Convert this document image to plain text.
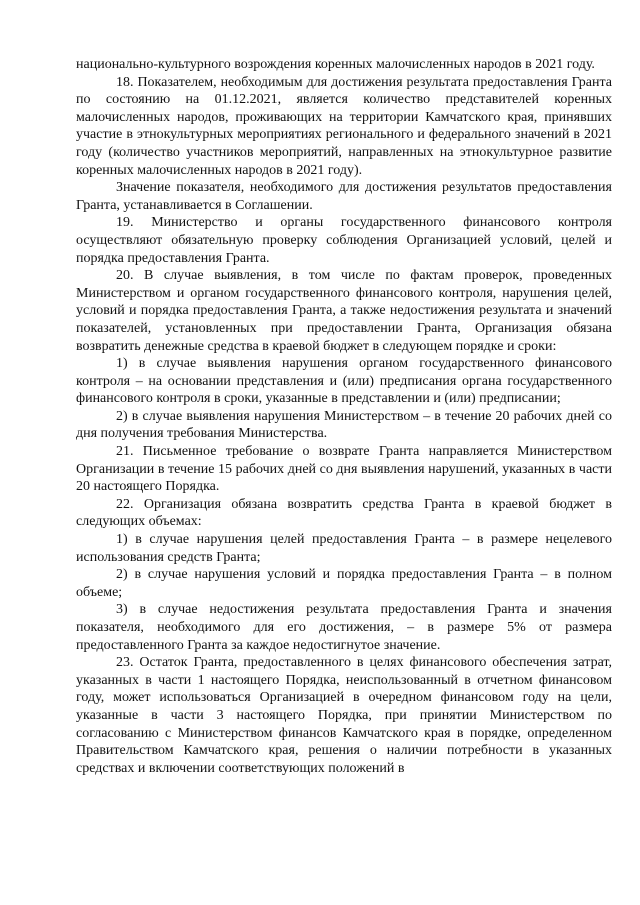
национально-культурного возрождения коренных малочисленных народов в 2021 году.

18. Показателем, необходимым для достижения результата предоставления Гранта по состоянию на 01.12.2021, является количество представителей коренных малочисленных народов, проживающих на территории Камчатского края, принявших участие в этнокультурных мероприятиях регионального и федерального значений в 2021 году (количество участников мероприятий, направленных на этнокультурное развитие коренных малочисленных народов в 2021 году).

Значение показателя, необходимого для достижения результатов предоставления Гранта, устанавливается в Соглашении.

19. Министерство и органы государственного финансового контроля осуществляют обязательную проверку соблюдения Организацией условий, целей и порядка предоставления Гранта.

20. В случае выявления, в том числе по фактам проверок, проведенных Министерством и органом государственного финансового контроля, нарушения целей, условий и порядка предоставления Гранта, а также недостижения результата и значений показателей, установленных при предоставлении Гранта, Организация обязана возвратить денежные средства в краевой бюджет в следующем порядке и сроки:

1) в случае выявления нарушения органом государственного финансового контроля – на основании представления и (или) предписания органа государственного финансового контроля в сроки, указанные в представлении и (или) предписании;

2) в случае выявления нарушения Министерством – в течение 20 рабочих дней со дня получения требования Министерства.

21. Письменное требование о возврате Гранта направляется Министерством Организации в течение 15 рабочих дней со дня выявления нарушений, указанных в части 20 настоящего Порядка.

22. Организация обязана возвратить средства Гранта в краевой бюджет в следующих объемах:

1) в случае нарушения целей предоставления Гранта – в размере нецелевого использования средств Гранта;

2) в случае нарушения условий и порядка предоставления Гранта – в полном объеме;

3) в случае недостижения результата предоставления Гранта и значения показателя, необходимого для его достижения, – в размере 5% от размера предоставленного Гранта за каждое недостигнутое значение.

23. Остаток Гранта, предоставленного в целях финансового обеспечения затрат, указанных в части 1 настоящего Порядка, неиспользованный в отчетном финансовом году, может использоваться Организацией в очередном финансовом году на цели, указанные в части 3 настоящего Порядка, при принятии Министерством по согласованию с Министерством финансов Камчатского края в порядке, определенном Правительством Камчатского края, решения о наличии потребности в указанных средствах и включении соответствующих положений в
